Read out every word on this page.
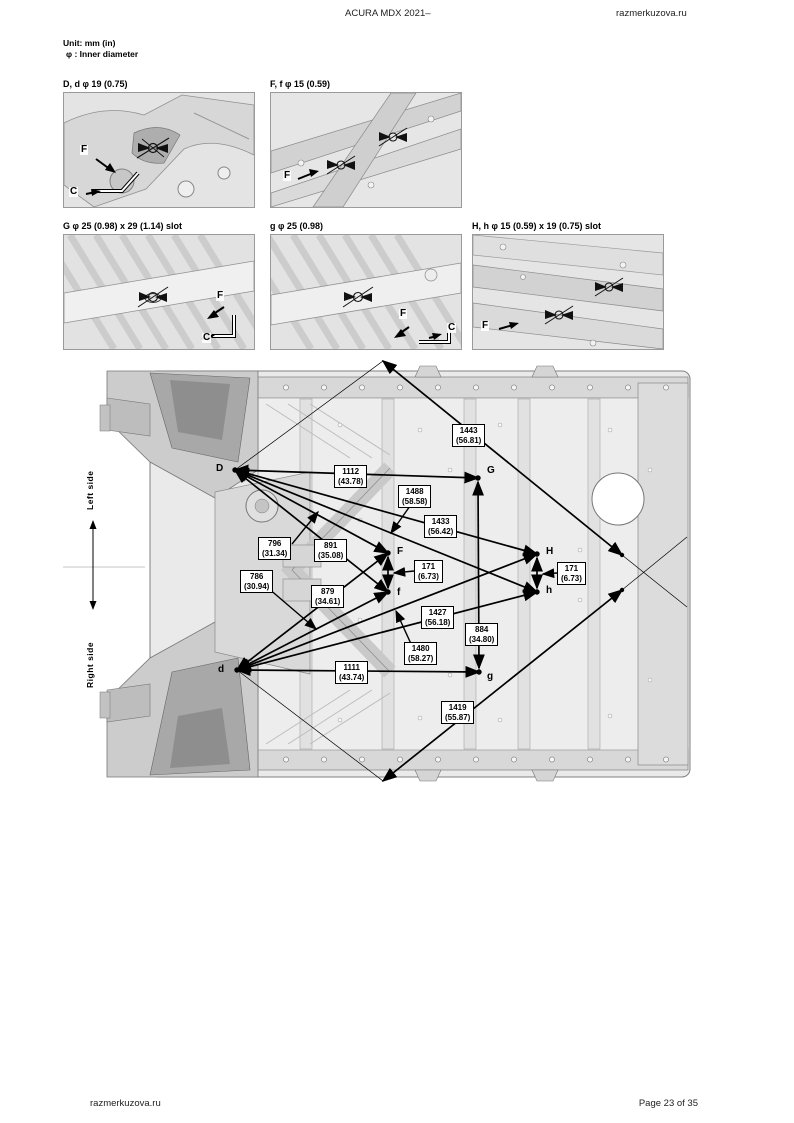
ACURA MDX 2021–	razmerkuzova.ru
Unit: mm (in)
φ : Inner diameter
D, d φ 19 (0.75)	F, f φ 15 (0.59)
G φ 25 (0.98) x 29 (1.14) slot	g φ 25 (0.98)	H, h φ 15 (0.59) x 19 (0.75) slot
F
C
F
F
C
F
C	F
D
d
F
f
G
g
H
h
Left side
Right side
1443
(56.81)
1112
(43.78)
1488
(58.58)
1433
(56.42)
796
(31.34)
891
(35.08)
171
(6.73)
786
(30.94)
879
(34.61)
171
(6.73)
1427
(56.18)
884
(34.80)
1480
(58.27)
1111
(43.74)
1419
(55.87)
razmerkuzova.ru	Page 23 of 35
